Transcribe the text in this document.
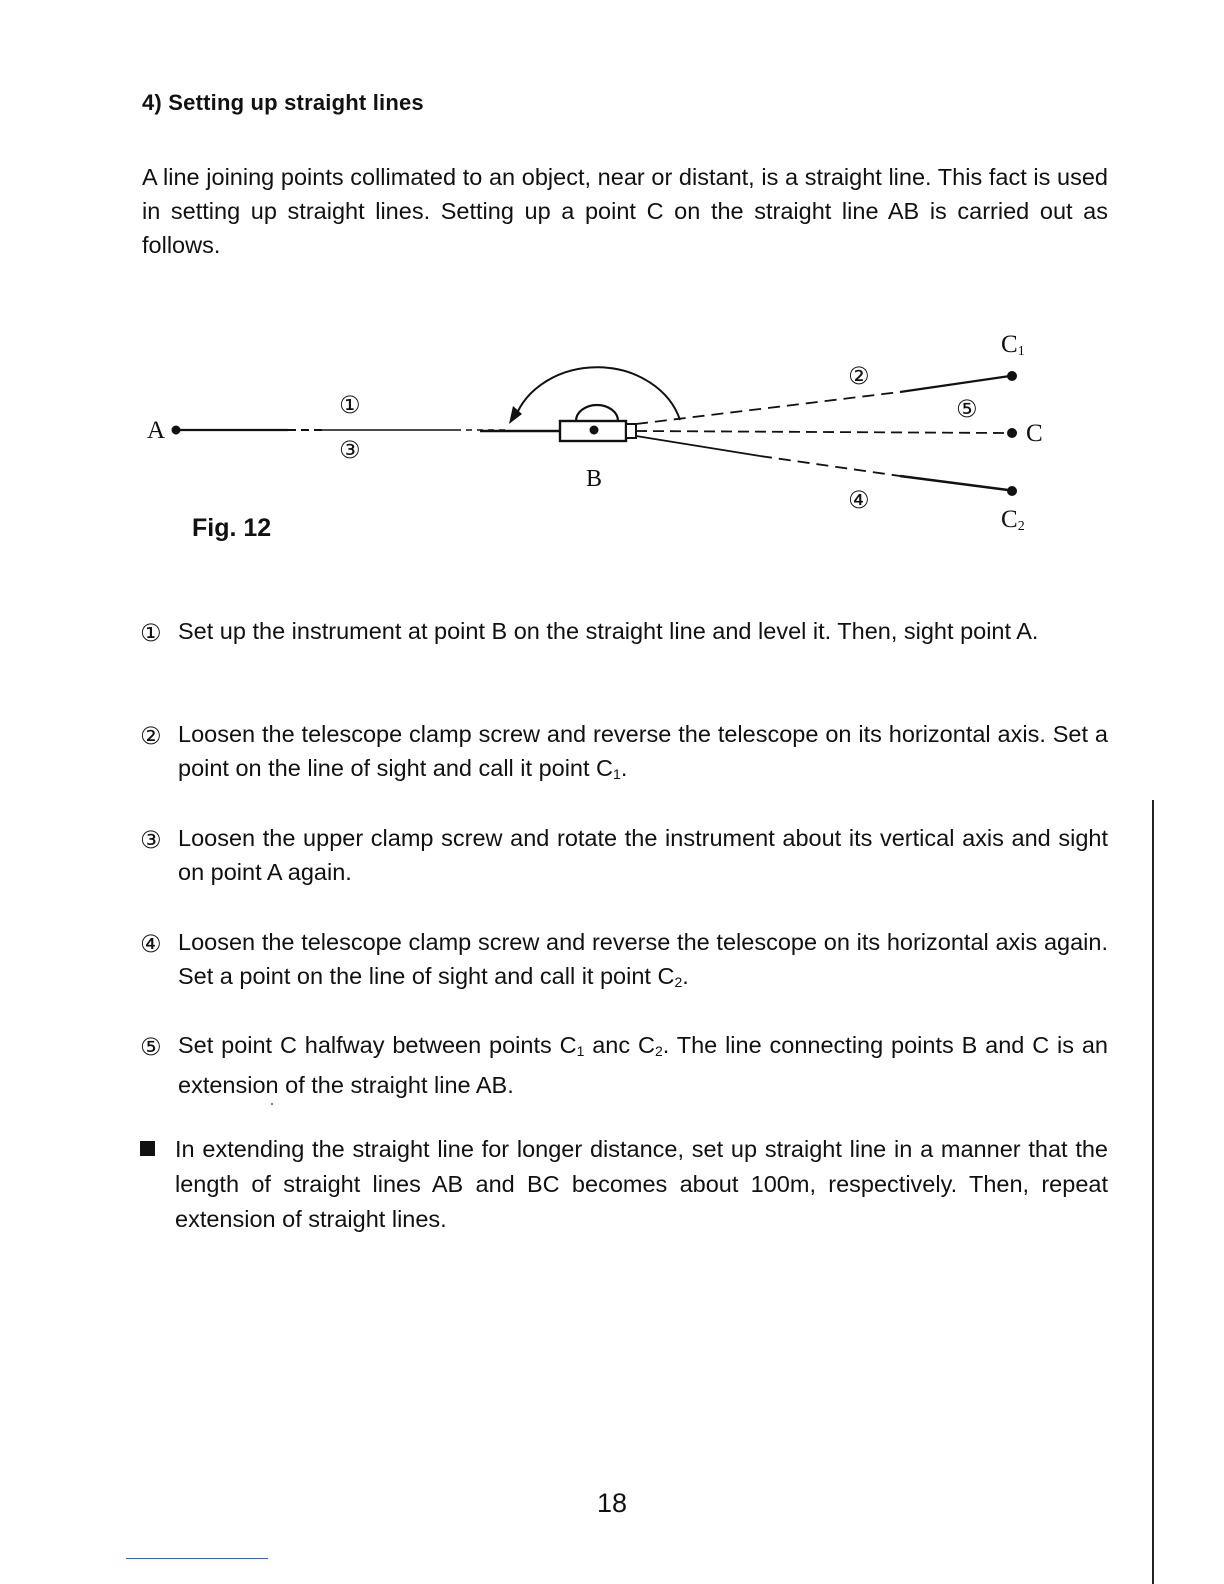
4) Setting up straight lines
A line joining points collimated to an object, near or distant, is a straight line. This fact is used in setting up straight lines. Setting up a point C on the straight line AB is carried out as follows.
A
B
C
C1
C2
①
③
②
⑤
④
Fig. 12
① Set up the instrument at point B on the straight line and level it. Then, sight point A.
② Loosen the telescope clamp screw and reverse the telescope on its horizontal axis. Set a point on the line of sight and call it point $C_1$.
③ Loosen the upper clamp screw and rotate the instrument about its vertical axis and sight on point A again.
④ Loosen the telescope clamp screw and reverse the telescope on its horizontal axis again. Set a point on the line of sight and call it point $C_2$.
⑤ Set point C halfway between points $C_1$ anc $C_2$. The line connecting points B and C is an extension of the straight line AB.
In extending the straight line for longer distance, set up straight line in a manner that the length of straight lines AB and BC becomes about 100m, respectively. Then, repeat extension of straight lines.
18
